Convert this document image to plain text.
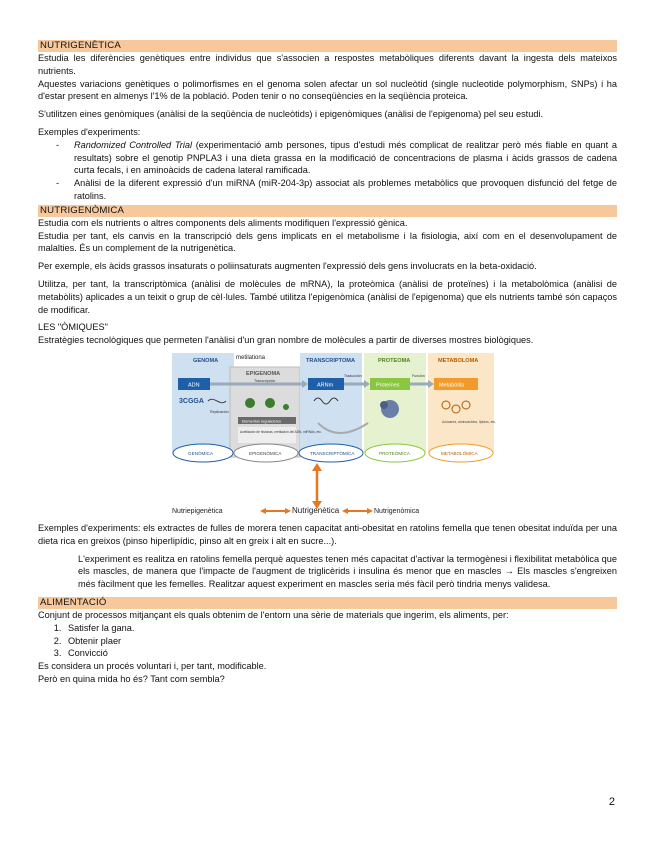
NUTRIGENÈTICA

Estudia les diferències genètiques entre individus que s'associen a respostes metabòliques diferents davant la ingesta dels mateixos nutrients.

Aquestes variacions genètiques o polimorfismes en el genoma solen afectar un sol nucleòtid (single nucleotide polymorphism, SNPs) i ha d'estar present en almenys l'1% de la població. Poden tenir o no conseqüències en la seqüència proteica.

S'utilitzen eines genòmiques (anàlisi de la seqüència de nucleòtids) i epigenòmiques (anàlisi de l'epigenoma) pel seu estudi.

Exemples d'experiments:

- Randomized Controlled Trial (experimentació amb persones, tipus d'estudi més complicat de realitzar però més fiable en quant a resultats) sobre el genotip PNPLA3 i una dieta grassa en la modificació de concentracions de plasma i àcids grassos de cadena curta fecals, i en aminoàcids de cadena lateral ramificada.
- Anàlisi de la diferent expressió d'un miRNA (miR-204-3p) associat als problemes metabòlics que provoquen disfunció del fetge de ratolins.
NUTRIGENÒMICA

Estudia com els nutrients o altres components dels aliments modifiquen l'expressió gènica.

Estudia per tant, els canvis en la transcripció dels gens implicats en el metabolisme i la fisiologia, així com en el desenvolupament de malalties. És un complement de la nutrigenètica.

Per exemple, els àcids grassos insaturats o poliinsaturats augmenten l'expressió dels gens involucrats en la beta-oxidació.

Utilitza, per tant, la transcriptòmica (anàlisi de molècules de mRNA), la proteòmica (anàlisi de proteïnes) i la metabolòmica (anàlisi de metabòlits) aplicades a un teixit o grup de cèl·lules. També utilitza l'epigenòmica (anàlisi de l'epigenoma) que els nutrients també són capaços de modificar.

LES "ÒMIQUES"

Estratègies tecnològiques que permeten l'anàlisi d'un gran nombre de molècules a partir de diverses mostres biològiques.

GENOMA	metilationa
EPIGENOMA
TRANSCRIPTOMA	PROTEOMA	METABOLOMA
ADN	ARNm	Proteïnes	Metabòlits
Transcripción
Traducción	Función
3CGGA
Replicación
Elementos reguladores
Acetilación de histonas, metilación del ADN, miRNAs, etc.
Azúcares, aminoácidos, lípidos, etc.
GENÒMICA	EPIGENÒMICA	TRANSCRIPTÒMICA	PROTEÒMICA	METABOLÒMICA
Nutriepigenètica	Nutrigenètica	Nutrigenòmica

Exemples d'experiments: els extractes de fulles de morera tenen capacitat anti-obesitat en ratolins femella que tenen obesitat induïda per una dieta rica en greixos (pinso hiperlipídic, pinso alt en greix i alt en sucre...).

L'experiment es realitza en ratolins femella perquè aquestes tenen més capacitat d'activar la termogènesi i flexibilitat metabòlica que els mascles, de manera que l'impacte de l'augment de triglicèrids i insulina és menor que en mascles → Els mascles s'engreixen més fàcilment que les femelles. Realitzar aquest experiment en mascles seria més fàcil però tindria menys validesa.

ALIMENTACIÓ

Conjunt de processos mitjançant els quals obtenim de l'entorn una sèrie de materials que ingerim, els aliments, per:

1. Satisfer la gana.
2. Obtenir plaer
3. Convicció

Es considera un procés voluntari i, per tant, modificable.

Però en quina mida ho és? Tant com sembla?

2
